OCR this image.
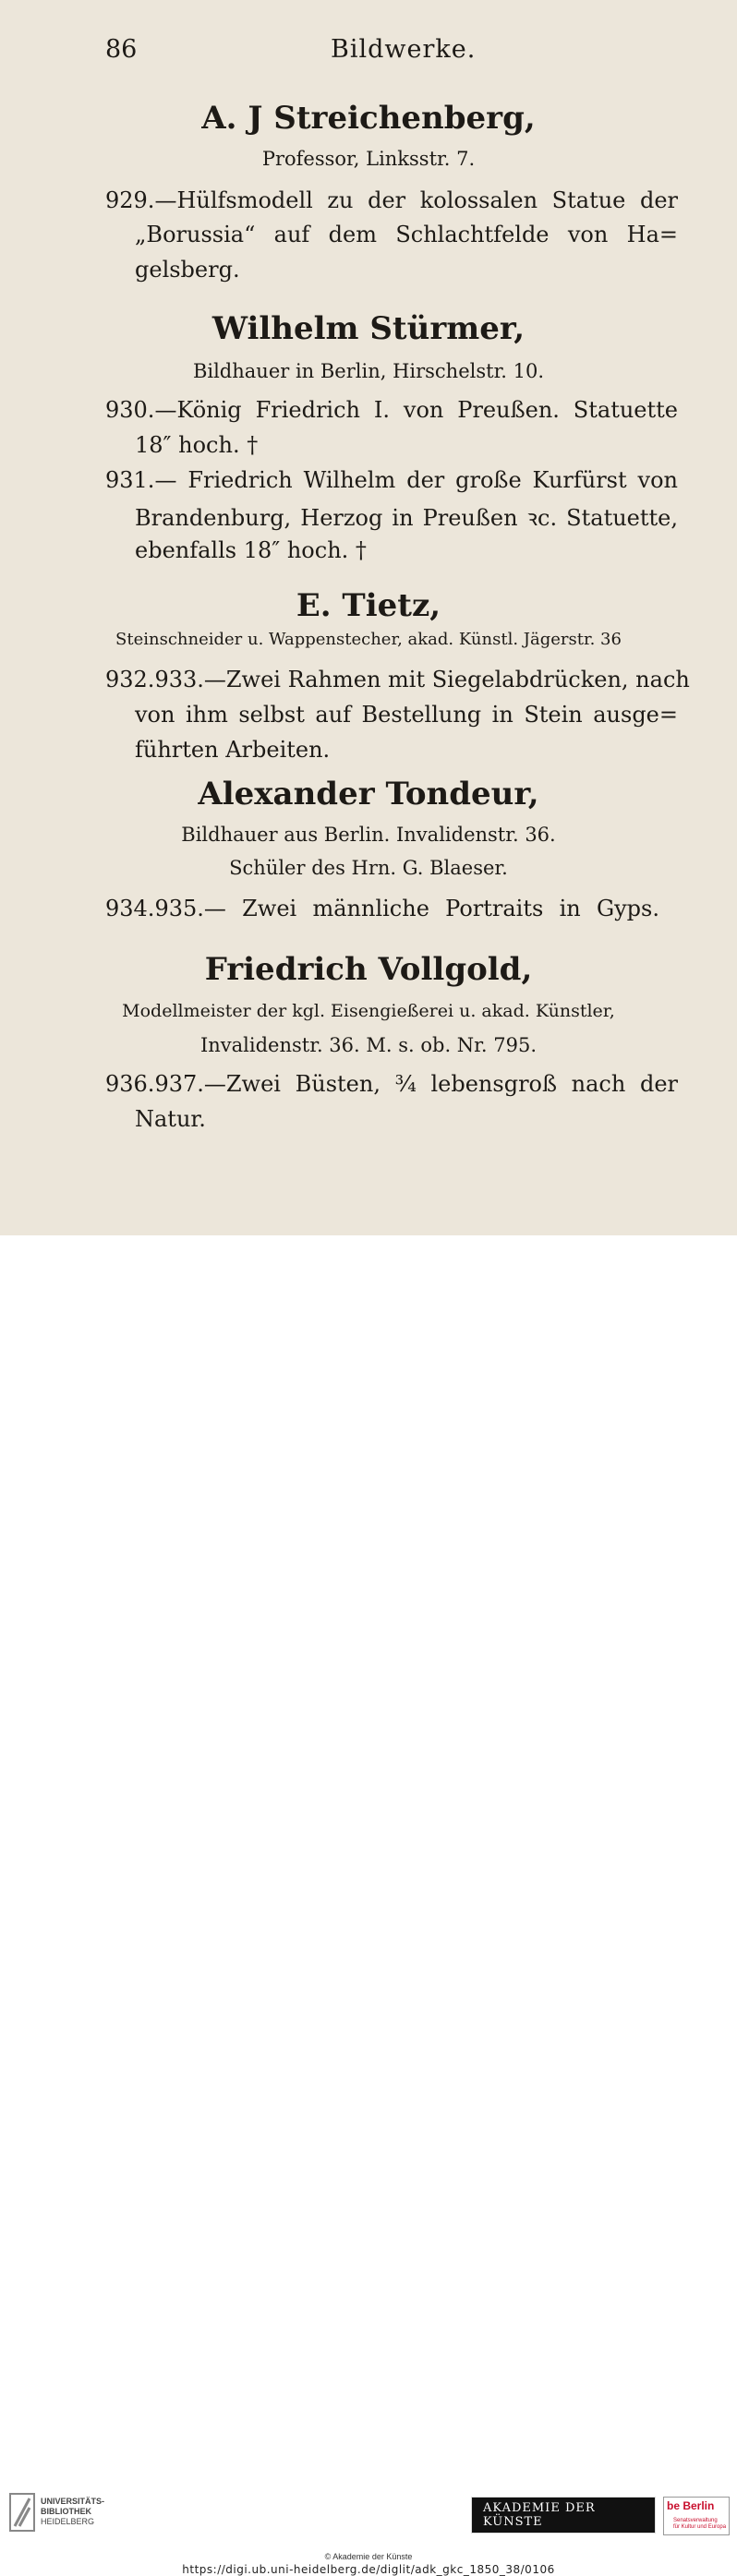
86	Bildwerke.
A. J Streichenberg,
Professor, Linksstr. 7.
929.—Hülfsmodell zu der kolossalen Statue der
„Borussia“ auf dem Schlachtfelde von Ha=
gelsberg.
Wilhelm Stürmer,
Bildhauer in Berlin, Hirschelstr. 10.
930.—König Friedrich I. von Preußen. Statuette
18″ hoch. †
931.— Friedrich Wilhelm der große Kurfürst von
Brandenburg, Herzog in Preußen ꝛc. Statuette,
ebenfalls 18″ hoch. †
E. Tietz,
Steinschneider u. Wappenstecher, akad. Künstl. Jägerstr. 36
932.933.—Zwei Rahmen mit Siegelabdrücken, nach
von ihm selbst auf Bestellung in Stein ausge=
führten Arbeiten.
Alexander Tondeur,
Bildhauer aus Berlin. Invalidenstr. 36.
Schüler des Hrn. G. Blaeser.
934.935.— Zwei männliche Portraits in Gyps.
Friedrich Vollgold,
Modellmeister der kgl. Eisengießerei u. akad. Künstler,
Invalidenstr. 36. M. s. ob. Nr. 795.
936.937.—Zwei Büsten, ¾ lebensgroß nach der
Natur.
UNIVERSITÄTS-
BIBLIOTHEK
HEIDELBERG
AKADEMIE DER KÜNSTE
be Berlin
Senatsverwaltung
für Kultur und Europa
© Akademie der Künste
https://digi.ub.uni-heidelberg.de/diglit/adk_gkc_1850_38/0106
